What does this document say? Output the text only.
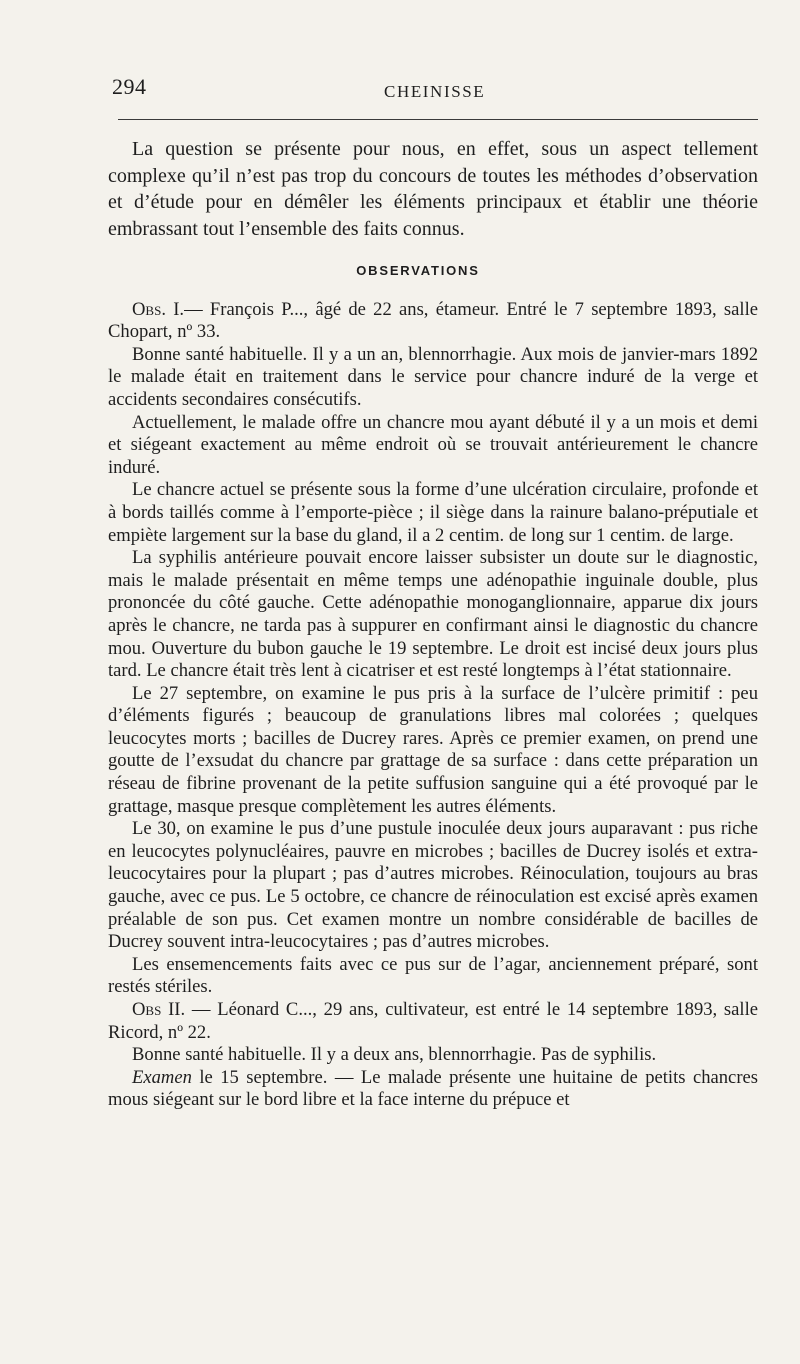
294	CHEINISSE

La question se présente pour nous, en effet, sous un aspect tellement complexe qu’il n’est pas trop du concours de toutes les méthodes d’observation et d’étude pour en démêler les éléments principaux et établir une théorie embrassant tout l’ensemble des faits connus.

OBSERVATIONS

Obs. I.— François P..., âgé de 22 ans, étameur. Entré le 7 septembre 1893, salle Chopart, nº 33.

Bonne santé habituelle. Il y a un an, blennorrhagie. Aux mois de janvier-mars 1892 le malade était en traitement dans le service pour chancre induré de la verge et accidents secondaires consécutifs.

Actuellement, le malade offre un chancre mou ayant débuté il y a un mois et demi et siégeant exactement au même endroit où se trouvait antérieurement le chancre induré.

Le chancre actuel se présente sous la forme d’une ulcération circulaire, profonde et à bords taillés comme à l’emporte-pièce ; il siège dans la rainure balano-préputiale et empiète largement sur la base du gland, il a 2 centim. de long sur 1 centim. de large.

La syphilis antérieure pouvait encore laisser subsister un doute sur le diagnostic, mais le malade présentait en même temps une adénopathie inguinale double, plus prononcée du côté gauche. Cette adénopathie monoganglionnaire, apparue dix jours après le chancre, ne tarda pas à suppurer en confirmant ainsi le diagnostic du chancre mou. Ouverture du bubon gauche le 19 septembre. Le droit est incisé deux jours plus tard. Le chancre était très lent à cicatriser et est resté longtemps à l’état stationnaire.

Le 27 septembre, on examine le pus pris à la surface de l’ulcère primitif : peu d’éléments figurés ; beaucoup de granulations libres mal colorées ; quelques leucocytes morts ; bacilles de Ducrey rares. Après ce premier examen, on prend une goutte de l’exsudat du chancre par grattage de sa surface : dans cette préparation un réseau de fibrine provenant de la petite suffusion sanguine qui a été provoqué par le grattage, masque presque complètement les autres éléments.

Le 30, on examine le pus d’une pustule inoculée deux jours auparavant : pus riche en leucocytes polynucléaires, pauvre en microbes ; bacilles de Ducrey isolés et extra-leucocytaires pour la plupart ; pas d’autres microbes. Réinoculation, toujours au bras gauche, avec ce pus. Le 5 octobre, ce chancre de réinoculation est excisé après examen préalable de son pus. Cet examen montre un nombre considérable de bacilles de Ducrey souvent intra-leucocytaires ; pas d’autres microbes.

Les ensemencements faits avec ce pus sur de l’agar, anciennement préparé, sont restés stériles.

Obs II. — Léonard C..., 29 ans, cultivateur, est entré le 14 septembre 1893, salle Ricord, nº 22.

Bonne santé habituelle. Il y a deux ans, blennorrhagie. Pas de syphilis.

Examen le 15 septembre. — Le malade présente une huitaine de petits chancres mous siégeant sur le bord libre et la face interne du prépuce et
